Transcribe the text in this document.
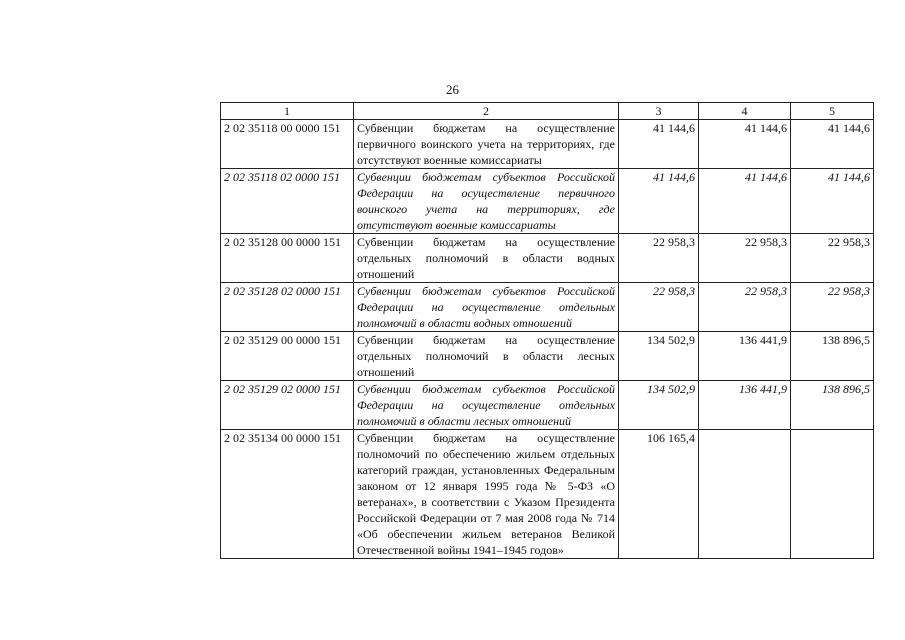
26
1	2	3	4	5
2 02 35118 00 0000 151	Субвенции бюджетам на осуществление первичного воинского учета на территориях, где отсутствуют военные комиссариаты	41 144,6	41 144,6	41 144,6
2 02 35118 02 0000 151	Субвенции бюджетам субъектов Российской Федерации на осуществление первичного воинского учета на территориях, где отсутствуют военные комиссариаты	41 144,6	41 144,6	41 144,6
2 02 35128 00 0000 151	Субвенции бюджетам на осуществление отдельных полномочий в области водных отношений	22 958,3	22 958,3	22 958,3
2 02 35128 02 0000 151	Субвенции бюджетам субъектов Российской Федерации на осуществление отдельных полномочий в области водных отношений	22 958,3	22 958,3	22 958,3
2 02 35129 00 0000 151	Субвенции бюджетам на осуществление отдельных полномочий в области лесных отношений	134 502,9	136 441,9	138 896,5
2 02 35129 02 0000 151	Субвенции бюджетам субъектов Российской Федерации на осуществление отдельных полномочий в области лесных отношений	134 502,9	136 441,9	138 896,5
2 02 35134 00 0000 151	Субвенции бюджетам на осуществление полномочий по обеспечению жильем отдельных категорий граждан, установленных Федеральным законом от 12 января 1995 года № 5-ФЗ «О ветеранах», в соответствии с Указом Президента Российской Федерации от 7 мая 2008 года № 714 «Об обеспечении жильем ветеранов Великой Отечественной войны 1941–1945 годов»	106 165,4		
